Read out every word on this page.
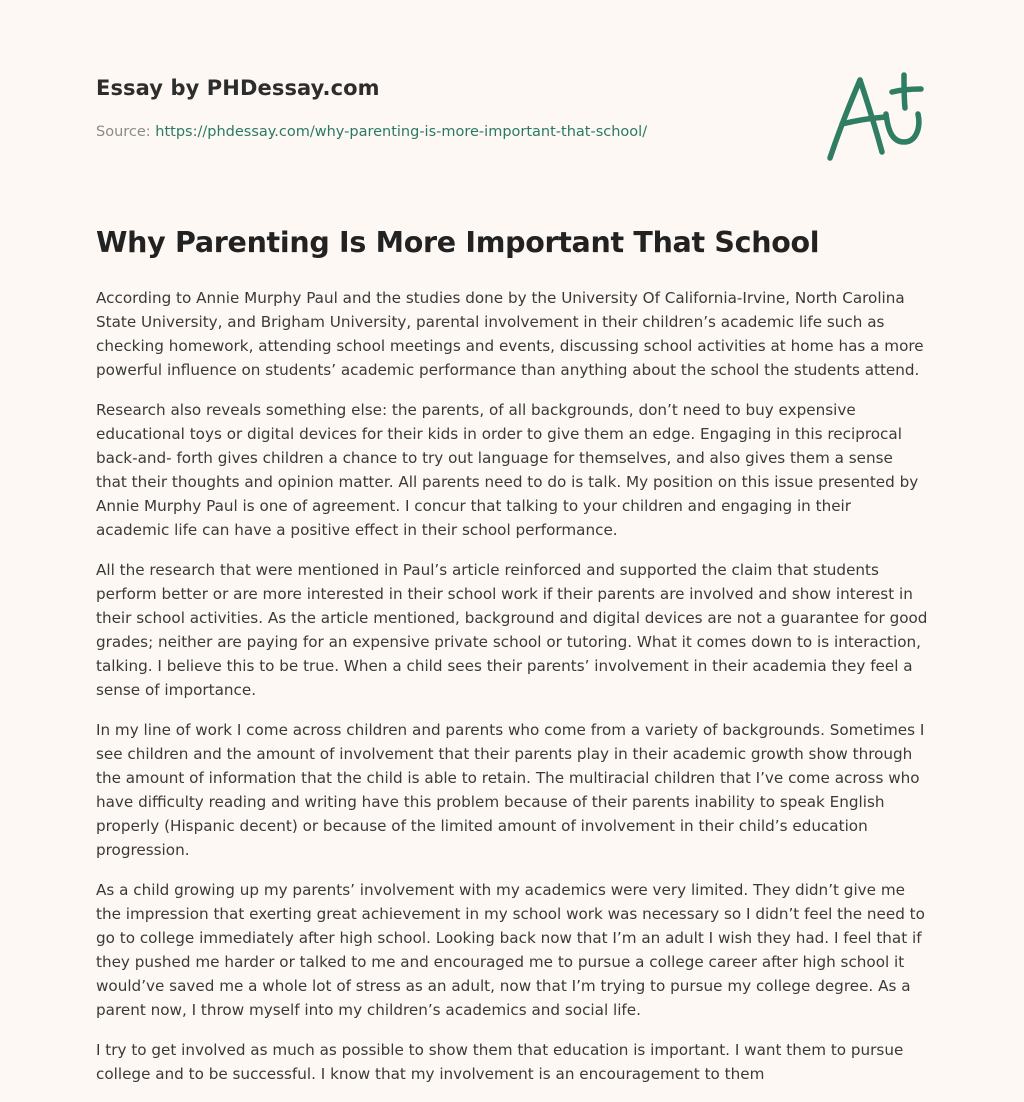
Essay by PHDessay.com
Source: https://phdessay.com/why-parenting-is-more-important-that-school/
Why Parenting Is More Important That School

According to Annie Murphy Paul and the studies done by the University Of California-Irvine, North Carolina State University, and Brigham University, parental involvement in their children’s academic life such as checking homework, attending school meetings and events, discussing school activities at home has a more powerful influence on students’ academic performance than anything about the school the students attend.

Research also reveals something else: the parents, of all backgrounds, don’t need to buy expensive educational toys or digital devices for their kids in order to give them an edge. Engaging in this reciprocal back-and- forth gives children a chance to try out language for themselves, and also gives them a sense that their thoughts and opinion matter. All parents need to do is talk. My position on this issue presented by Annie Murphy Paul is one of agreement. I concur that talking to your children and engaging in their academic life can have a positive effect in their school performance.

All the research that were mentioned in Paul’s article reinforced and supported the claim that students perform better or are more interested in their school work if their parents are involved and show interest in their school activities. As the article mentioned, background and digital devices are not a guarantee for good grades; neither are paying for an expensive private school or tutoring. What it comes down to is interaction, talking. I believe this to be true. When a child sees their parents’ involvement in their academia they feel a sense of importance.

In my line of work I come across children and parents who come from a variety of backgrounds. Sometimes I see children and the amount of involvement that their parents play in their academic growth show through the amount of information that the child is able to retain. The multiracial children that I’ve come across who have difficulty reading and writing have this problem because of their parents inability to speak English properly (Hispanic decent) or because of the limited amount of involvement in their child’s education progression.

As a child growing up my parents’ involvement with my academics were very limited. They didn’t give me the impression that exerting great achievement in my school work was necessary so I didn’t feel the need to go to college immediately after high school. Looking back now that I’m an adult I wish they had. I feel that if they pushed me harder or talked to me and encouraged me to pursue a college career after high school it would’ve saved me a whole lot of stress as an adult, now that I’m trying to pursue my college degree. As a parent now, I throw myself into my children’s academics and social life.

I try to get involved as much as possible to show them that education is important. I want them to pursue college and to be successful. I know that my involvement is an encouragement to them
